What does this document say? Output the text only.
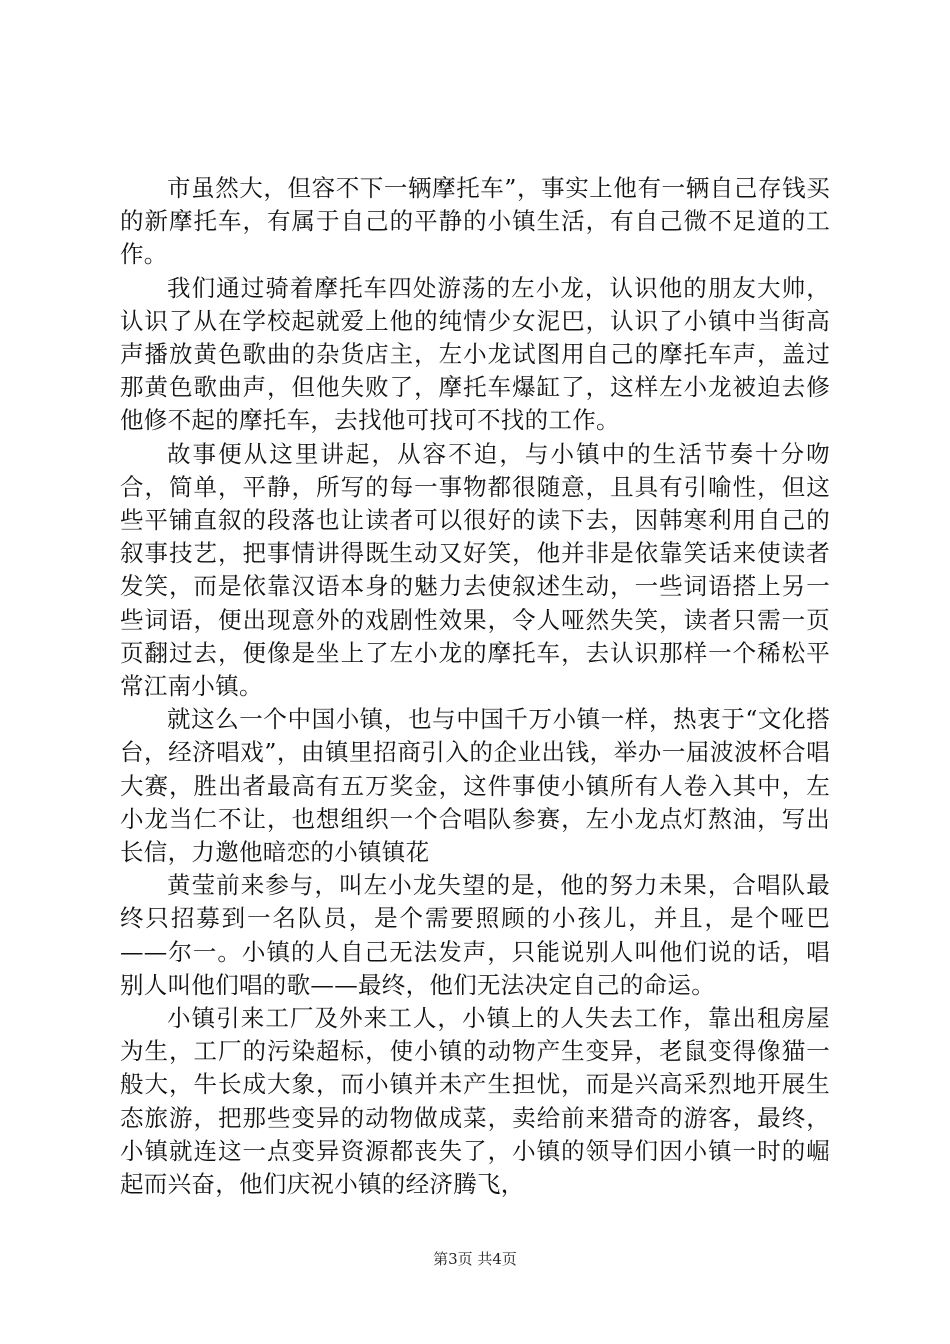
市虽然大，但容不下一辆摩托车”，事实上他有一辆自己存钱买的新摩托车，有属于自己的平静的小镇生活，有自己微不足道的工作。

我们通过骑着摩托车四处游荡的左小龙，认识他的朋友大帅，认识了从在学校起就爱上他的纯情少女泥巴，认识了小镇中当街高声播放黄色歌曲的杂货店主，左小龙试图用自己的摩托车声，盖过那黄色歌曲声，但他失败了，摩托车爆缸了，这样左小龙被迫去修他修不起的摩托车，去找他可找可不找的工作。

故事便从这里讲起，从容不迫，与小镇中的生活节奏十分吻合，简单，平静，所写的每一事物都很随意，且具有引喻性，但这些平铺直叙的段落也让读者可以很好的读下去，因韩寒利用自己的叙事技艺，把事情讲得既生动又好笑，他并非是依靠笑话来使读者发笑，而是依靠汉语本身的魅力去使叙述生动，一些词语搭上另一些词语，便出现意外的戏剧性效果，令人哑然失笑，读者只需一页页翻过去，便像是坐上了左小龙的摩托车，去认识那样一个稀松平常江南小镇。

就这么一个中国小镇，也与中国千万小镇一样，热衷于“文化搭台，经济唱戏”，由镇里招商引入的企业出钱，举办一届波波杯合唱大赛，胜出者最高有五万奖金，这件事使小镇所有人卷入其中，左小龙当仁不让，也想组织一个合唱队参赛，左小龙点灯熬油，写出长信，力邀他暗恋的小镇镇花

黄莹前来参与，叫左小龙失望的是，他的努力未果，合唱队最终只招募到一名队员，是个需要照顾的小孩儿，并且，是个哑巴——尔一。小镇的人自己无法发声，只能说别人叫他们说的话，唱别人叫他们唱的歌——最终，他们无法决定自己的命运。

小镇引来工厂及外来工人，小镇上的人失去工作，靠出租房屋为生，工厂的污染超标，使小镇的动物产生变异，老鼠变得像猫一般大，牛长成大象，而小镇并未产生担忧，而是兴高采烈地开展生态旅游，把那些变异的动物做成菜，卖给前来猎奇的游客，最终，小镇就连这一点变异资源都丧失了，小镇的领导们因小镇一时的崛起而兴奋，他们庆祝小镇的经济腾飞，

第3页 共4页
